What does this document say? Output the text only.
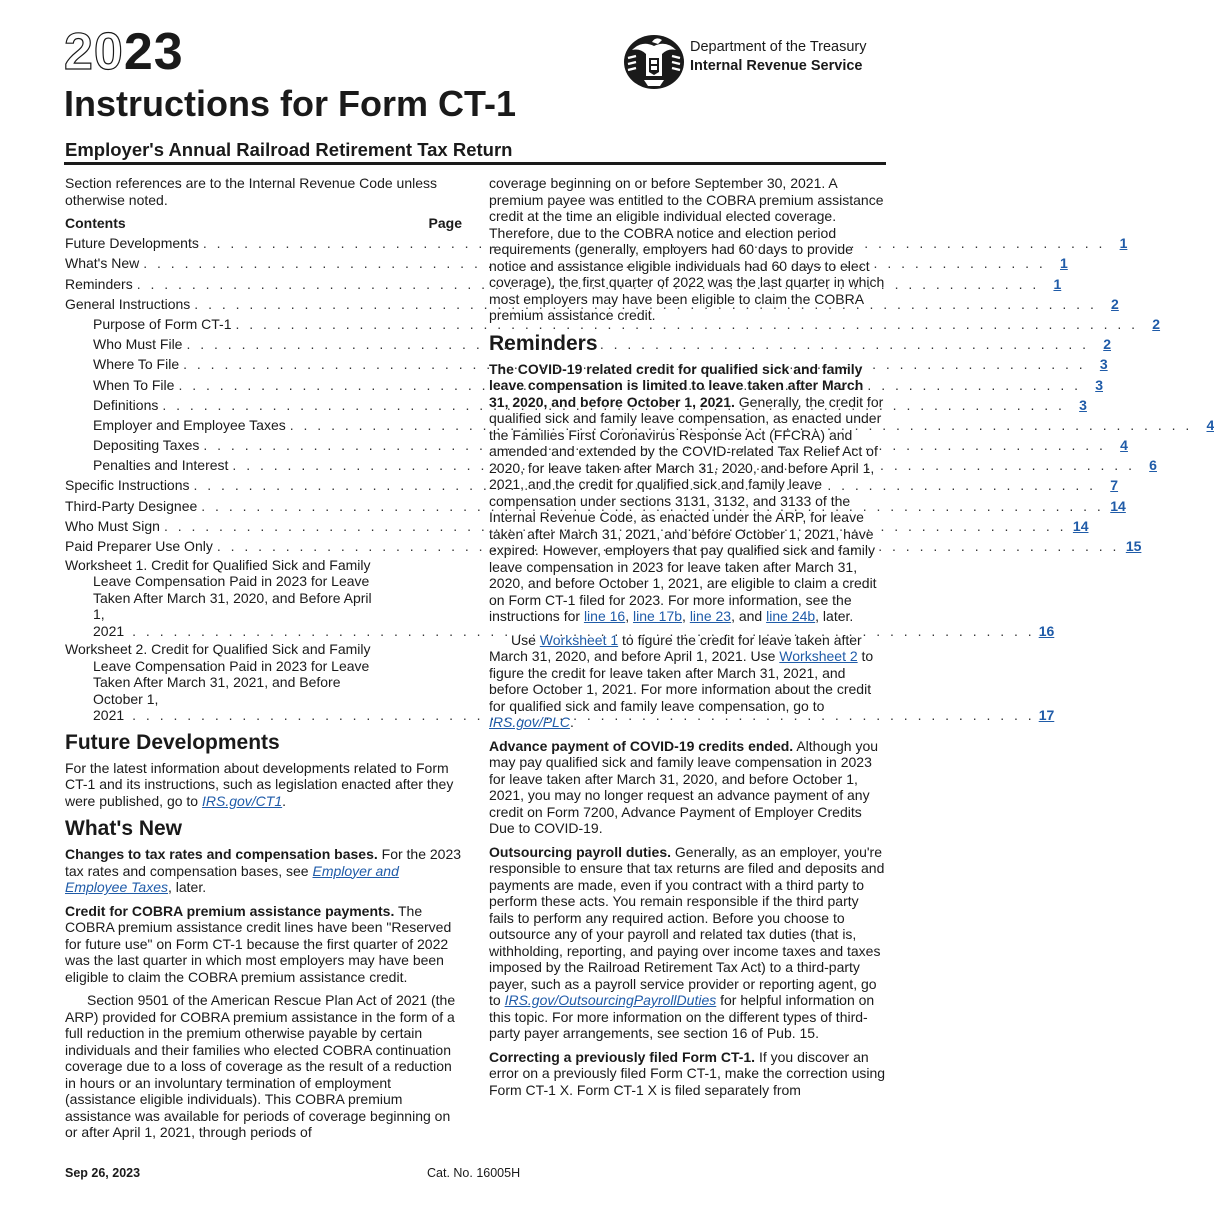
2023
Instructions for Form CT-1
Employer's Annual Railroad Retirement Tax Return
Department of the Treasury
Internal Revenue Service

Section references are to the Internal Revenue Code unless otherwise noted.

Contents	Page
Future Developments . . .	1
What's New . . .	1
Reminders . . .	1
General Instructions . . .	2
Purpose of Form CT-1 . . .	2
Who Must File . . .	2
Where To File . . .	3
When To File . . .	3
Definitions . . .	3
Employer and Employee Taxes . . .	4
Depositing Taxes . . .	4
Penalties and Interest . . .	6
Specific Instructions . . .	7
Third-Party Designee . . .	14
Who Must Sign . . .	14
Paid Preparer Use Only . . .	15
Worksheet 1. Credit for Qualified Sick and Family
Leave Compensation Paid in 2023 for Leave
Taken After March 31, 2020, and Before April
1, 2021 . . .	16
Worksheet 2. Credit for Qualified Sick and Family
Leave Compensation Paid in 2023 for Leave
Taken After March 31, 2021, and Before
October 1, 2021 . . .	17
Future Developments

For the latest information about developments related to Form CT-1 and its instructions, such as legislation enacted after they were published, go to IRS.gov/CT1.

What's New

Changes to tax rates and compensation bases. For the 2023 tax rates and compensation bases, see Employer and Employee Taxes, later.

Credit for COBRA premium assistance payments. The COBRA premium assistance credit lines have been "Reserved for future use" on Form CT-1 because the first quarter of 2022 was the last quarter in which most employers may have been eligible to claim the COBRA premium assistance credit.

Section 9501 of the American Rescue Plan Act of 2021 (the ARP) provided for COBRA premium assistance in the form of a full reduction in the premium otherwise payable by certain individuals and their families who elected COBRA continuation coverage due to a loss of coverage as the result of a reduction in hours or an involuntary termination of employment (assistance eligible individuals). This COBRA premium assistance was available for periods of coverage beginning on or after April 1, 2021, through periods of

coverage beginning on or before September 30, 2021. A premium payee was entitled to the COBRA premium assistance credit at the time an eligible individual elected coverage. Therefore, due to the COBRA notice and election period requirements (generally, employers had 60 days to provide notice and assistance eligible individuals had 60 days to elect coverage), the first quarter of 2022 was the last quarter in which most employers may have been eligible to claim the COBRA premium assistance credit.

Reminders

The COVID-19 related credit for qualified sick and family leave compensation is limited to leave taken after March 31, 2020, and before October 1, 2021. Generally, the credit for qualified sick and family leave compensation, as enacted under the Families First Coronavirus Response Act (FFCRA) and amended and extended by the COVID-related Tax Relief Act of 2020, for leave taken after March 31, 2020, and before April 1, 2021, and the credit for qualified sick and family leave compensation under sections 3131, 3132, and 3133 of the Internal Revenue Code, as enacted under the ARP, for leave taken after March 31, 2021, and before October 1, 2021, have expired. However, employers that pay qualified sick and family leave compensation in 2023 for leave taken after March 31, 2020, and before October 1, 2021, are eligible to claim a credit on Form CT-1 filed for 2023. For more information, see the instructions for line 16, line 17b, line 23, and line 24b, later.

Use Worksheet 1 to figure the credit for leave taken after March 31, 2020, and before April 1, 2021. Use Worksheet 2 to figure the credit for leave taken after March 31, 2021, and before October 1, 2021. For more information about the credit for qualified sick and family leave compensation, go to IRS.gov/PLC.

Advance payment of COVID-19 credits ended. Although you may pay qualified sick and family leave compensation in 2023 for leave taken after March 31, 2020, and before October 1, 2021, you may no longer request an advance payment of any credit on Form 7200, Advance Payment of Employer Credits Due to COVID-19.

Outsourcing payroll duties. Generally, as an employer, you're responsible to ensure that tax returns are filed and deposits and payments are made, even if you contract with a third party to perform these acts. You remain responsible if the third party fails to perform any required action. Before you choose to outsource any of your payroll and related tax duties (that is, withholding, reporting, and paying over income taxes and taxes imposed by the Railroad Retirement Tax Act) to a third-party payer, such as a payroll service provider or reporting agent, go to IRS.gov/OutsourcingPayrollDuties for helpful information on this topic. For more information on the different types of third-party payer arrangements, see section 16 of Pub. 15.

Correcting a previously filed Form CT-1. If you discover an error on a previously filed Form CT-1, make the correction using Form CT-1 X. Form CT-1 X is filed separately from

Sep 26, 2023	Cat. No. 16005H
